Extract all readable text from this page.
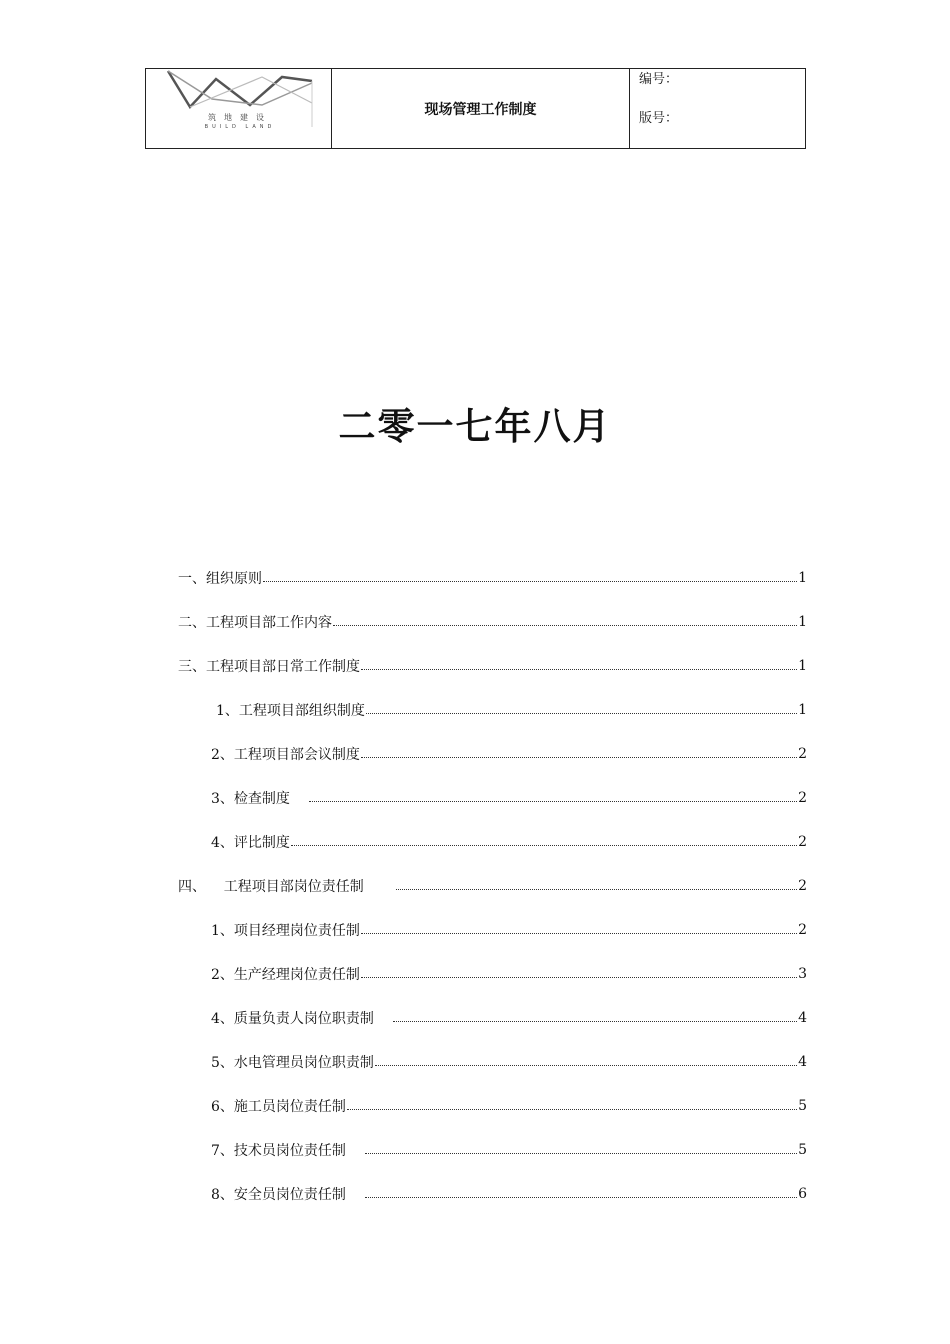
筑地建设
BUILD LAND
	现场管理工作制度	
编号：
版号：
二零一七年八月
一、组织原则	1
二、工程项目部工作内容	1
三、工程项目部日常工作制度	1
1、工程项目部组织制度	1
2、工程项目部会议制度	2
3、检查制度	2
4、评比制度	2
四、    工程项目部岗位责任制	2
1、项目经理岗位责任制	2
2、生产经理岗位责任制	3
4、质量负责人岗位职责制	4
5、水电管理员岗位职责制	4
6、施工员岗位责任制	5
7、技术员岗位责任制	5
8、安全员岗位责任制	6
